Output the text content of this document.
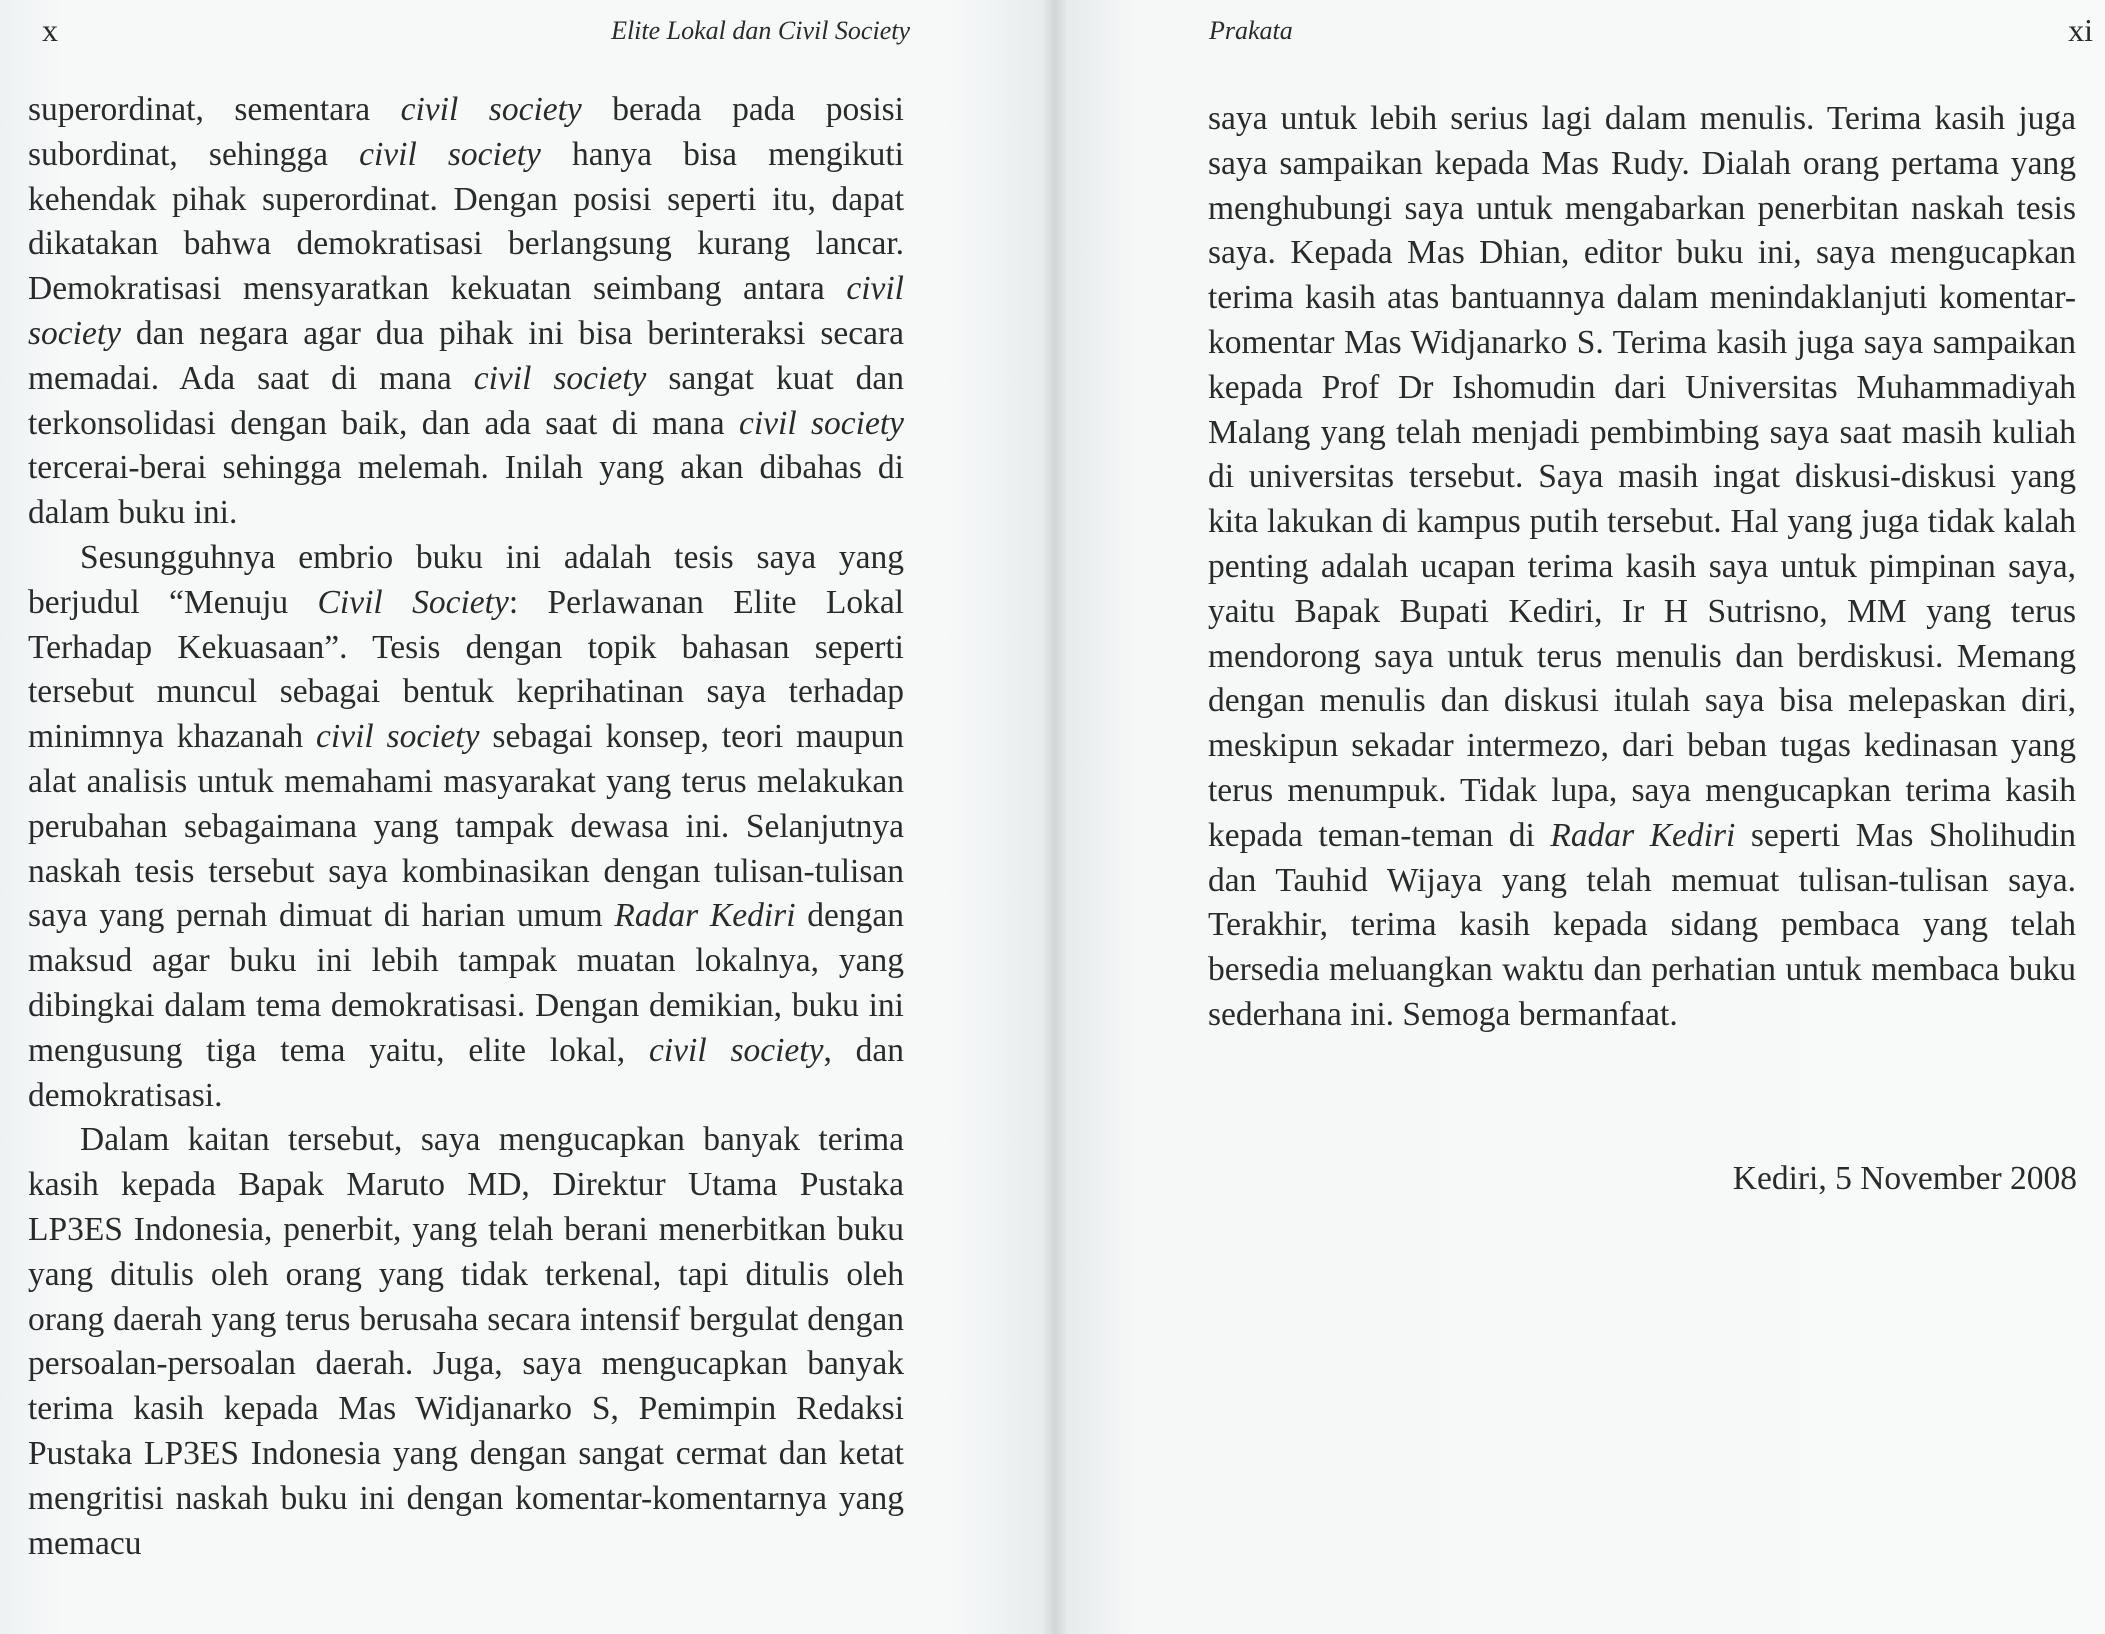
x	Elite Lokal dan Civil Society

superordinat, sementara civil society berada pada posisi subordinat, sehingga civil society hanya bisa mengikuti kehendak pihak superordinat. Dengan posisi seperti itu, dapat dikatakan bahwa demokratisasi berlangsung kurang lancar. Demokratisasi mensyaratkan kekuatan seimbang antara civil society dan negara agar dua pihak ini bisa berinteraksi secara memadai. Ada saat di mana civil society sangat kuat dan terkonsolidasi dengan baik, dan ada saat di mana civil society tercerai-berai sehingga melemah. Inilah yang akan dibahas di dalam buku ini.

Sesungguhnya embrio buku ini adalah tesis saya yang berjudul “Menuju Civil Society: Perlawanan Elite Lokal Terhadap Kekuasaan”. Tesis dengan topik bahasan seperti tersebut muncul sebagai bentuk keprihatinan saya terhadap minimnya khazanah civil society sebagai konsep, teori maupun alat analisis untuk memahami masyarakat yang terus melakukan perubahan sebagaimana yang tampak dewasa ini. Selanjutnya naskah tesis tersebut saya kombinasikan dengan tulisan-tulisan saya yang pernah dimuat di harian umum Radar Kediri dengan maksud agar buku ini lebih tampak muatan lokalnya, yang dibingkai dalam tema demokratisasi. Dengan demikian, buku ini mengusung tiga tema yaitu, elite lokal, civil society, dan demokratisasi.

Dalam kaitan tersebut, saya mengucapkan banyak terima kasih kepada Bapak Maruto MD, Direktur Utama Pustaka LP3ES Indonesia, penerbit, yang telah berani menerbitkan buku yang ditulis oleh orang yang tidak terkenal, tapi ditulis oleh orang daerah yang terus berusaha secara intensif bergulat dengan persoalan-persoalan daerah. Juga, saya mengucapkan banyak terima kasih kepada Mas Widjanarko S, Pemimpin Redaksi Pustaka LP3ES Indonesia yang dengan sangat cermat dan ketat mengritisi naskah buku ini dengan komentar-komentarnya yang memacu

Prakata	xi

saya untuk lebih serius lagi dalam menulis. Terima kasih juga saya sampaikan kepada Mas Rudy. Dialah orang pertama yang menghubungi saya untuk mengabarkan penerbitan naskah tesis saya. Kepada Mas Dhian, editor buku ini, saya mengucapkan terima kasih atas bantuannya dalam menindaklanjuti komentar-komentar Mas Widjanarko S. Terima kasih juga saya sampaikan kepada Prof Dr Ishomudin dari Universitas Muhammadiyah Malang yang telah menjadi pembimbing saya saat masih kuliah di universitas tersebut. Saya masih ingat diskusi-diskusi yang kita lakukan di kampus putih tersebut. Hal yang juga tidak kalah penting adalah ucapan terima kasih saya untuk pimpinan saya, yaitu Bapak Bupati Kediri, Ir H Sutrisno, MM yang terus mendorong saya untuk terus menulis dan berdiskusi. Memang dengan menulis dan diskusi itulah saya bisa melepaskan diri, meskipun sekadar intermezo, dari beban tugas kedinasan yang terus menumpuk. Tidak lupa, saya mengucapkan terima kasih kepada teman-teman di Radar Kediri seperti Mas Sholihudin dan Tauhid Wijaya yang telah memuat tulisan-tulisan saya. Terakhir, terima kasih kepada sidang pembaca yang telah bersedia meluangkan waktu dan perhatian untuk membaca buku sederhana ini. Semoga bermanfaat.

Kediri, 5 November 2008
